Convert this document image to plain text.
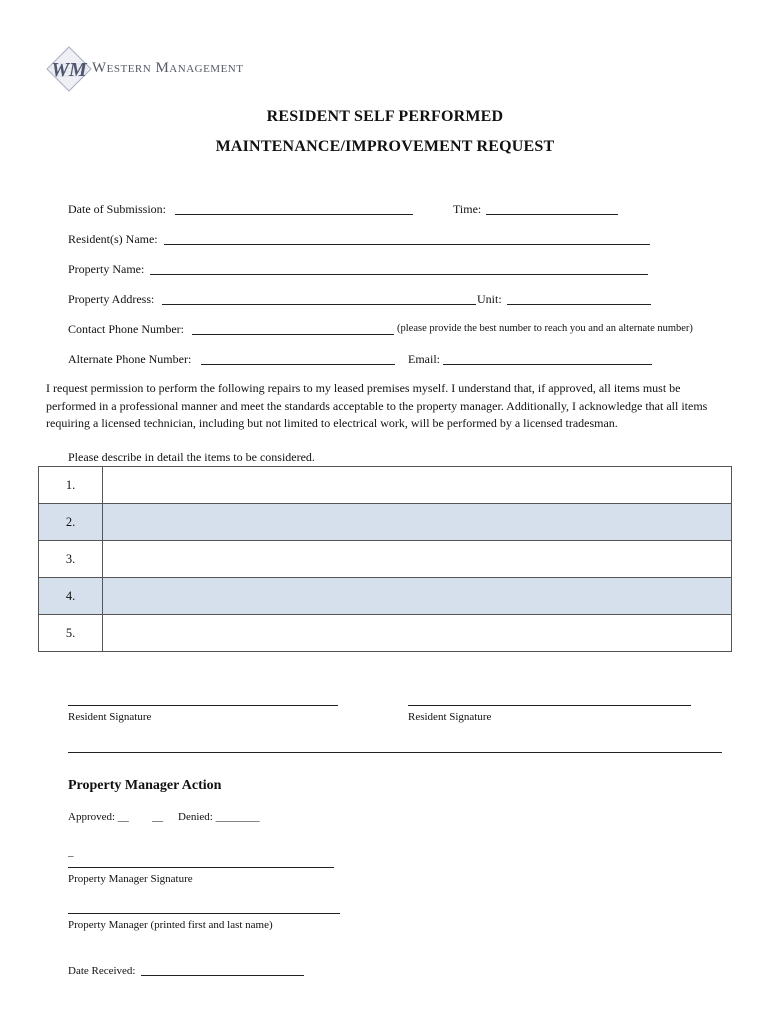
WM Western Management
RESIDENT SELF PERFORMED
MAINTENANCE/IMPROVEMENT REQUEST
Date of Submission:	Time:
Resident(s) Name:
Property Name:
Property Address:	Unit:
Contact Phone Number:	(please provide the best number to reach you and an alternate number)
Alternate Phone Number:	Email:
I request permission to perform the following repairs to my leased premises myself. I understand that, if approved, all items must be performed in a professional manner and meet the standards acceptable to the property manager. Additionally, I acknowledge that all items requiring a licensed technician, including but not limited to electrical work, will be performed by a licensed tradesman.
Please describe in detail the items to be considered.
1.	
2.	
3.	
4.	
5.	
Resident Signature	Resident Signature
Property Manager Action
Approved: __ __ Denied: ________
_
Property Manager Signature
Property Manager (printed first and last name)
Date Received:
